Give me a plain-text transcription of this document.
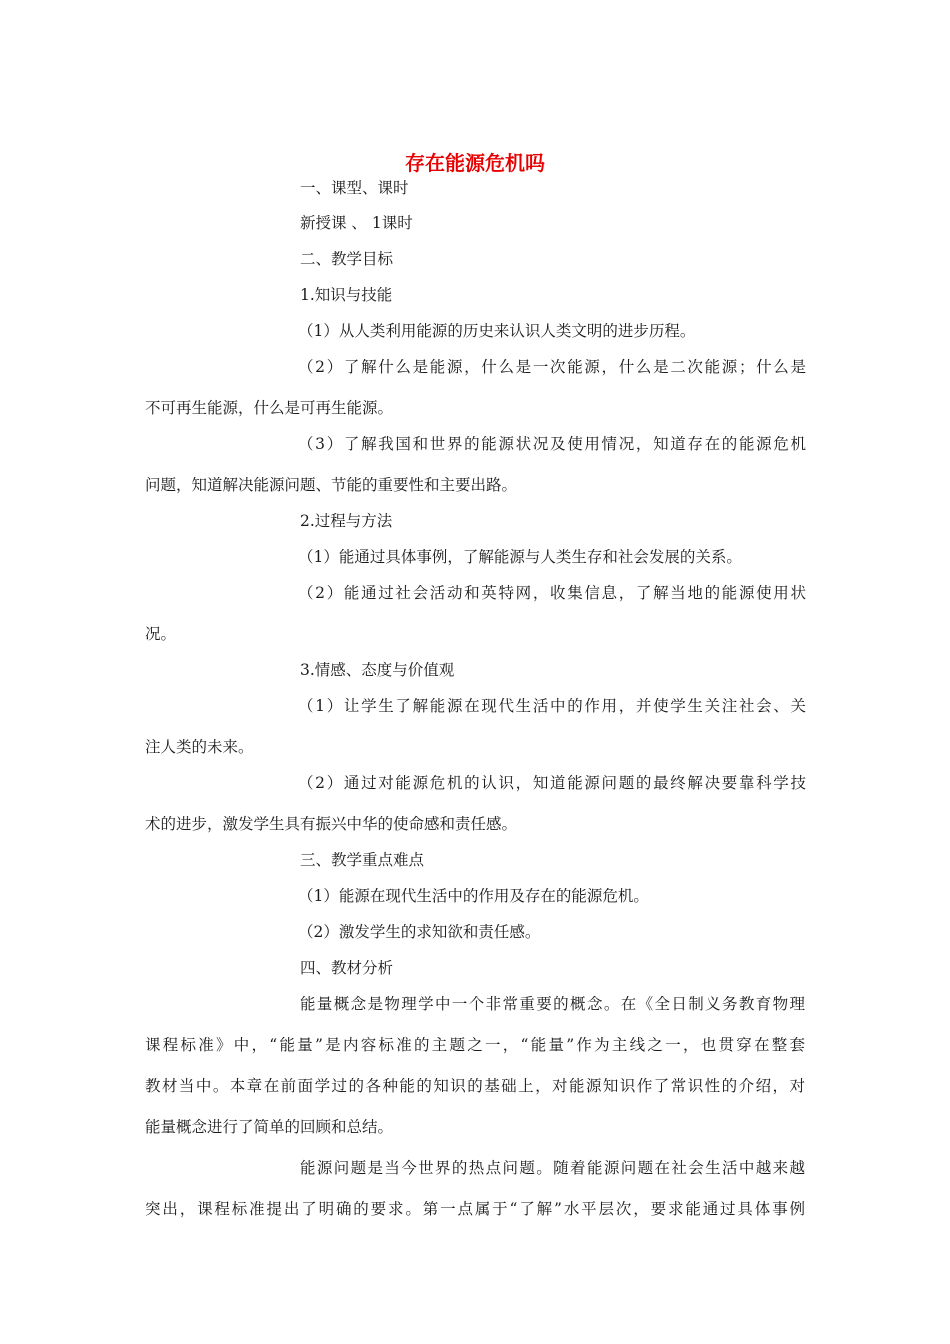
存在能源危机吗
一、课型、课时
新授课 、 1课时
二、教学目标
1.知识与技能
（1）从人类利用能源的历史来认识人类文明的进步历程。
（2）了解什么是能源，什么是一次能源，什么是二次能源；什么是
不可再生能源，什么是可再生能源。
（3）了解我国和世界的能源状况及使用情况，知道存在的能源危机
问题，知道解决能源问题、节能的重要性和主要出路。
2.过程与方法
（1）能通过具体事例，了解能源与人类生存和社会发展的关系。
（2）能通过社会活动和英特网，收集信息，了解当地的能源使用状
况。
3.情感、态度与价值观
（1）让学生了解能源在现代生活中的作用，并使学生关注社会、关
注人类的未来。
（2）通过对能源危机的认识，知道能源问题的最终解决要靠科学技
术的进步，激发学生具有振兴中华的使命感和责任感。
三、教学重点难点
（1）能源在现代生活中的作用及存在的能源危机。
（2）激发学生的求知欲和责任感。
四、教材分析
能量概念是物理学中一个非常重要的概念。在《全日制义务教育物理
课程标准》中，“能量”是内容标准的主题之一，“能量”作为主线之一，也贯穿在整套
教材当中。本章在前面学过的各种能的知识的基础上，对能源知识作了常识性的介绍，对
能量概念进行了简单的回顾和总结。
能源问题是当今世界的热点问题。随着能源问题在社会生活中越来越
突出，课程标准提出了明确的要求。第一点属于“了解”水平层次，要求能通过具体事例
